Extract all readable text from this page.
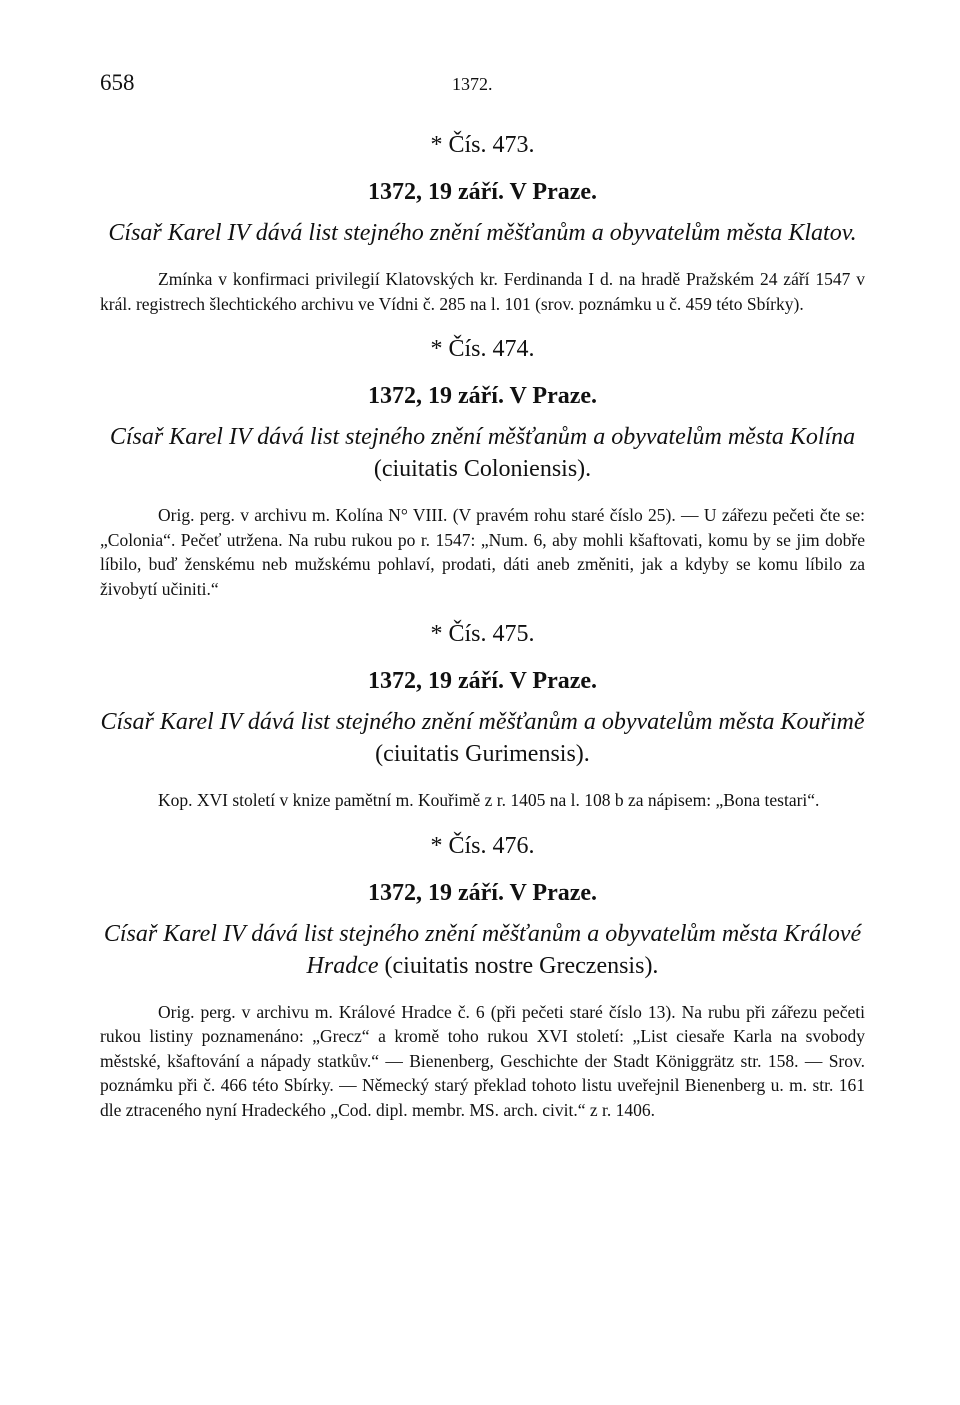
658	1372.
* Čís. 473.
1372, 19 září. V Praze.
Císař Karel IV dává list stejného znění měšťanům a obyvatelům města Klatov.

Zmínka v konfirmaci privilegií Klatovských kr. Ferdinanda I d. na hradě Pražském 24 září 1547 v král. registrech šlechtického archivu ve Vídni č. 285 na l. 101 (srov. poznámku u č. 459 této Sbírky).

* Čís. 474.
1372, 19 září. V Praze.
Císař Karel IV dává list stejného znění měšťanům a obyvatelům města Kolína (ciuitatis Coloniensis).

Orig. perg. v archivu m. Kolína N° VIII. (V pravém rohu staré číslo 25). — U zářezu pečeti čte se: „Colonia“. Pečeť utržena. Na rubu rukou po r. 1547: „Num. 6, aby mohli kšaftovati, komu by se jim dobře líbilo, buď ženskému neb mužskému pohlaví, prodati, dáti aneb změniti, jak a kdyby se komu líbilo za živobytí učiniti.“

* Čís. 475.
1372, 19 září. V Praze.
Císař Karel IV dává list stejného znění měšťanům a obyvatelům města Kouřimě (ciuitatis Gurimensis).

Kop. XVI století v knize pamětní m. Kouřimě z r. 1405 na l. 108 b za nápisem: „Bona testari“.

* Čís. 476.
1372, 19 září. V Praze.
Císař Karel IV dává list stejného znění měšťanům a obyvatelům města Králové Hradce (ciuitatis nostre Greczensis).

Orig. perg. v archivu m. Králové Hradce č. 6 (při pečeti staré číslo 13). Na rubu při zářezu pečeti rukou listiny poznamenáno: „Grecz“ a kromě toho rukou XVI století: „List ciesaře Karla na svobody městské, kšaftování a nápady statkův.“ — Bienenberg, Geschichte der Stadt Königgrätz str. 158. — Srov. poznámku při č. 466 této Sbírky. — Německý starý překlad tohoto listu uveřejnil Bienenberg u. m. str. 161 dle ztraceného nyní Hradeckého „Cod. dipl. membr. MS. arch. civit.“ z r. 1406.
